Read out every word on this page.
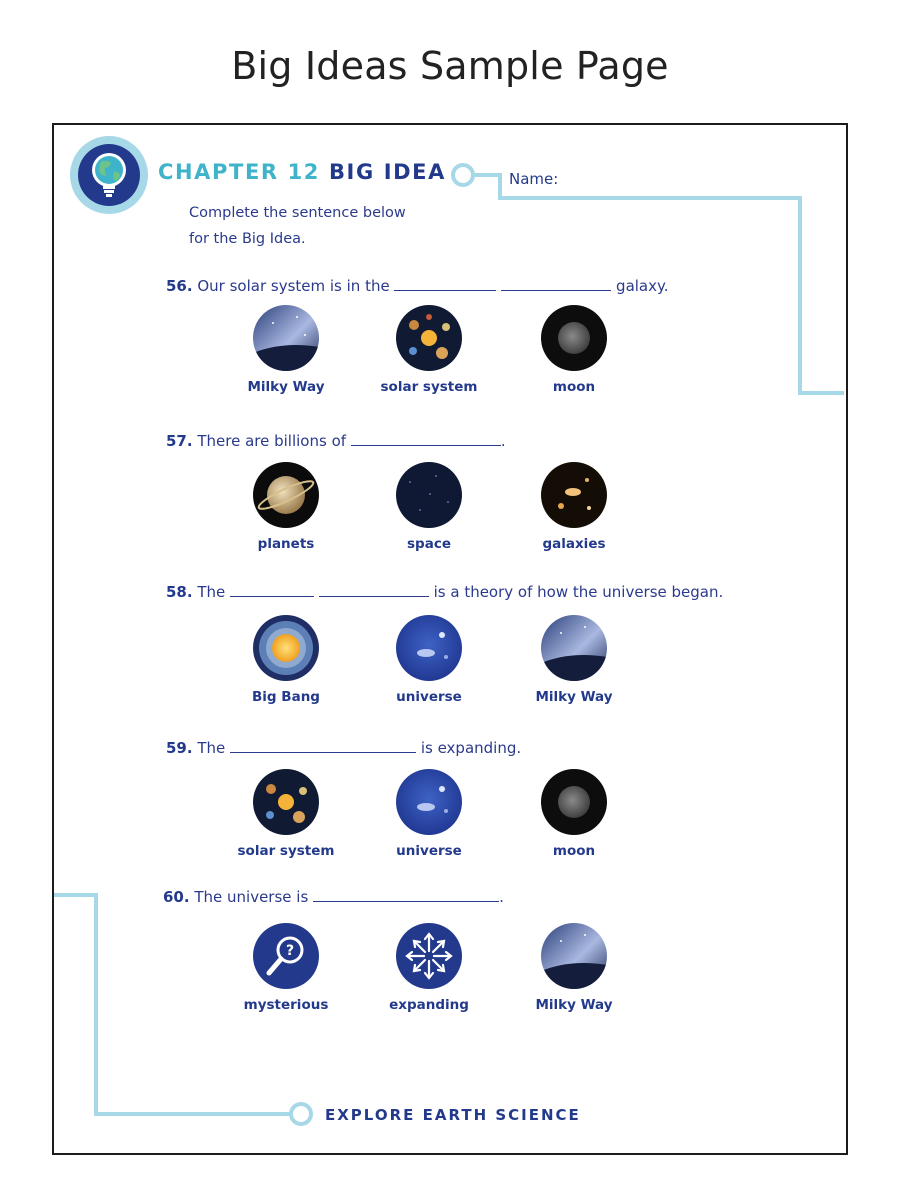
Big Ideas Sample Page
CHAPTER 12 BIG IDEA	Name:
Complete the sentence below
for the Big Idea.
56. Our solar system is in the	galaxy.
Milky Way	solar system	moon
57. There are billions of	.
planets	space	galaxies
58. The	is a theory of how the universe began.
Big Bang	universe	Milky Way
59. The	is expanding.
solar system	universe	moon
60. The universe is	.
?
mysterious	expanding	Milky Way
EXPLORE EARTH SCIENCE
